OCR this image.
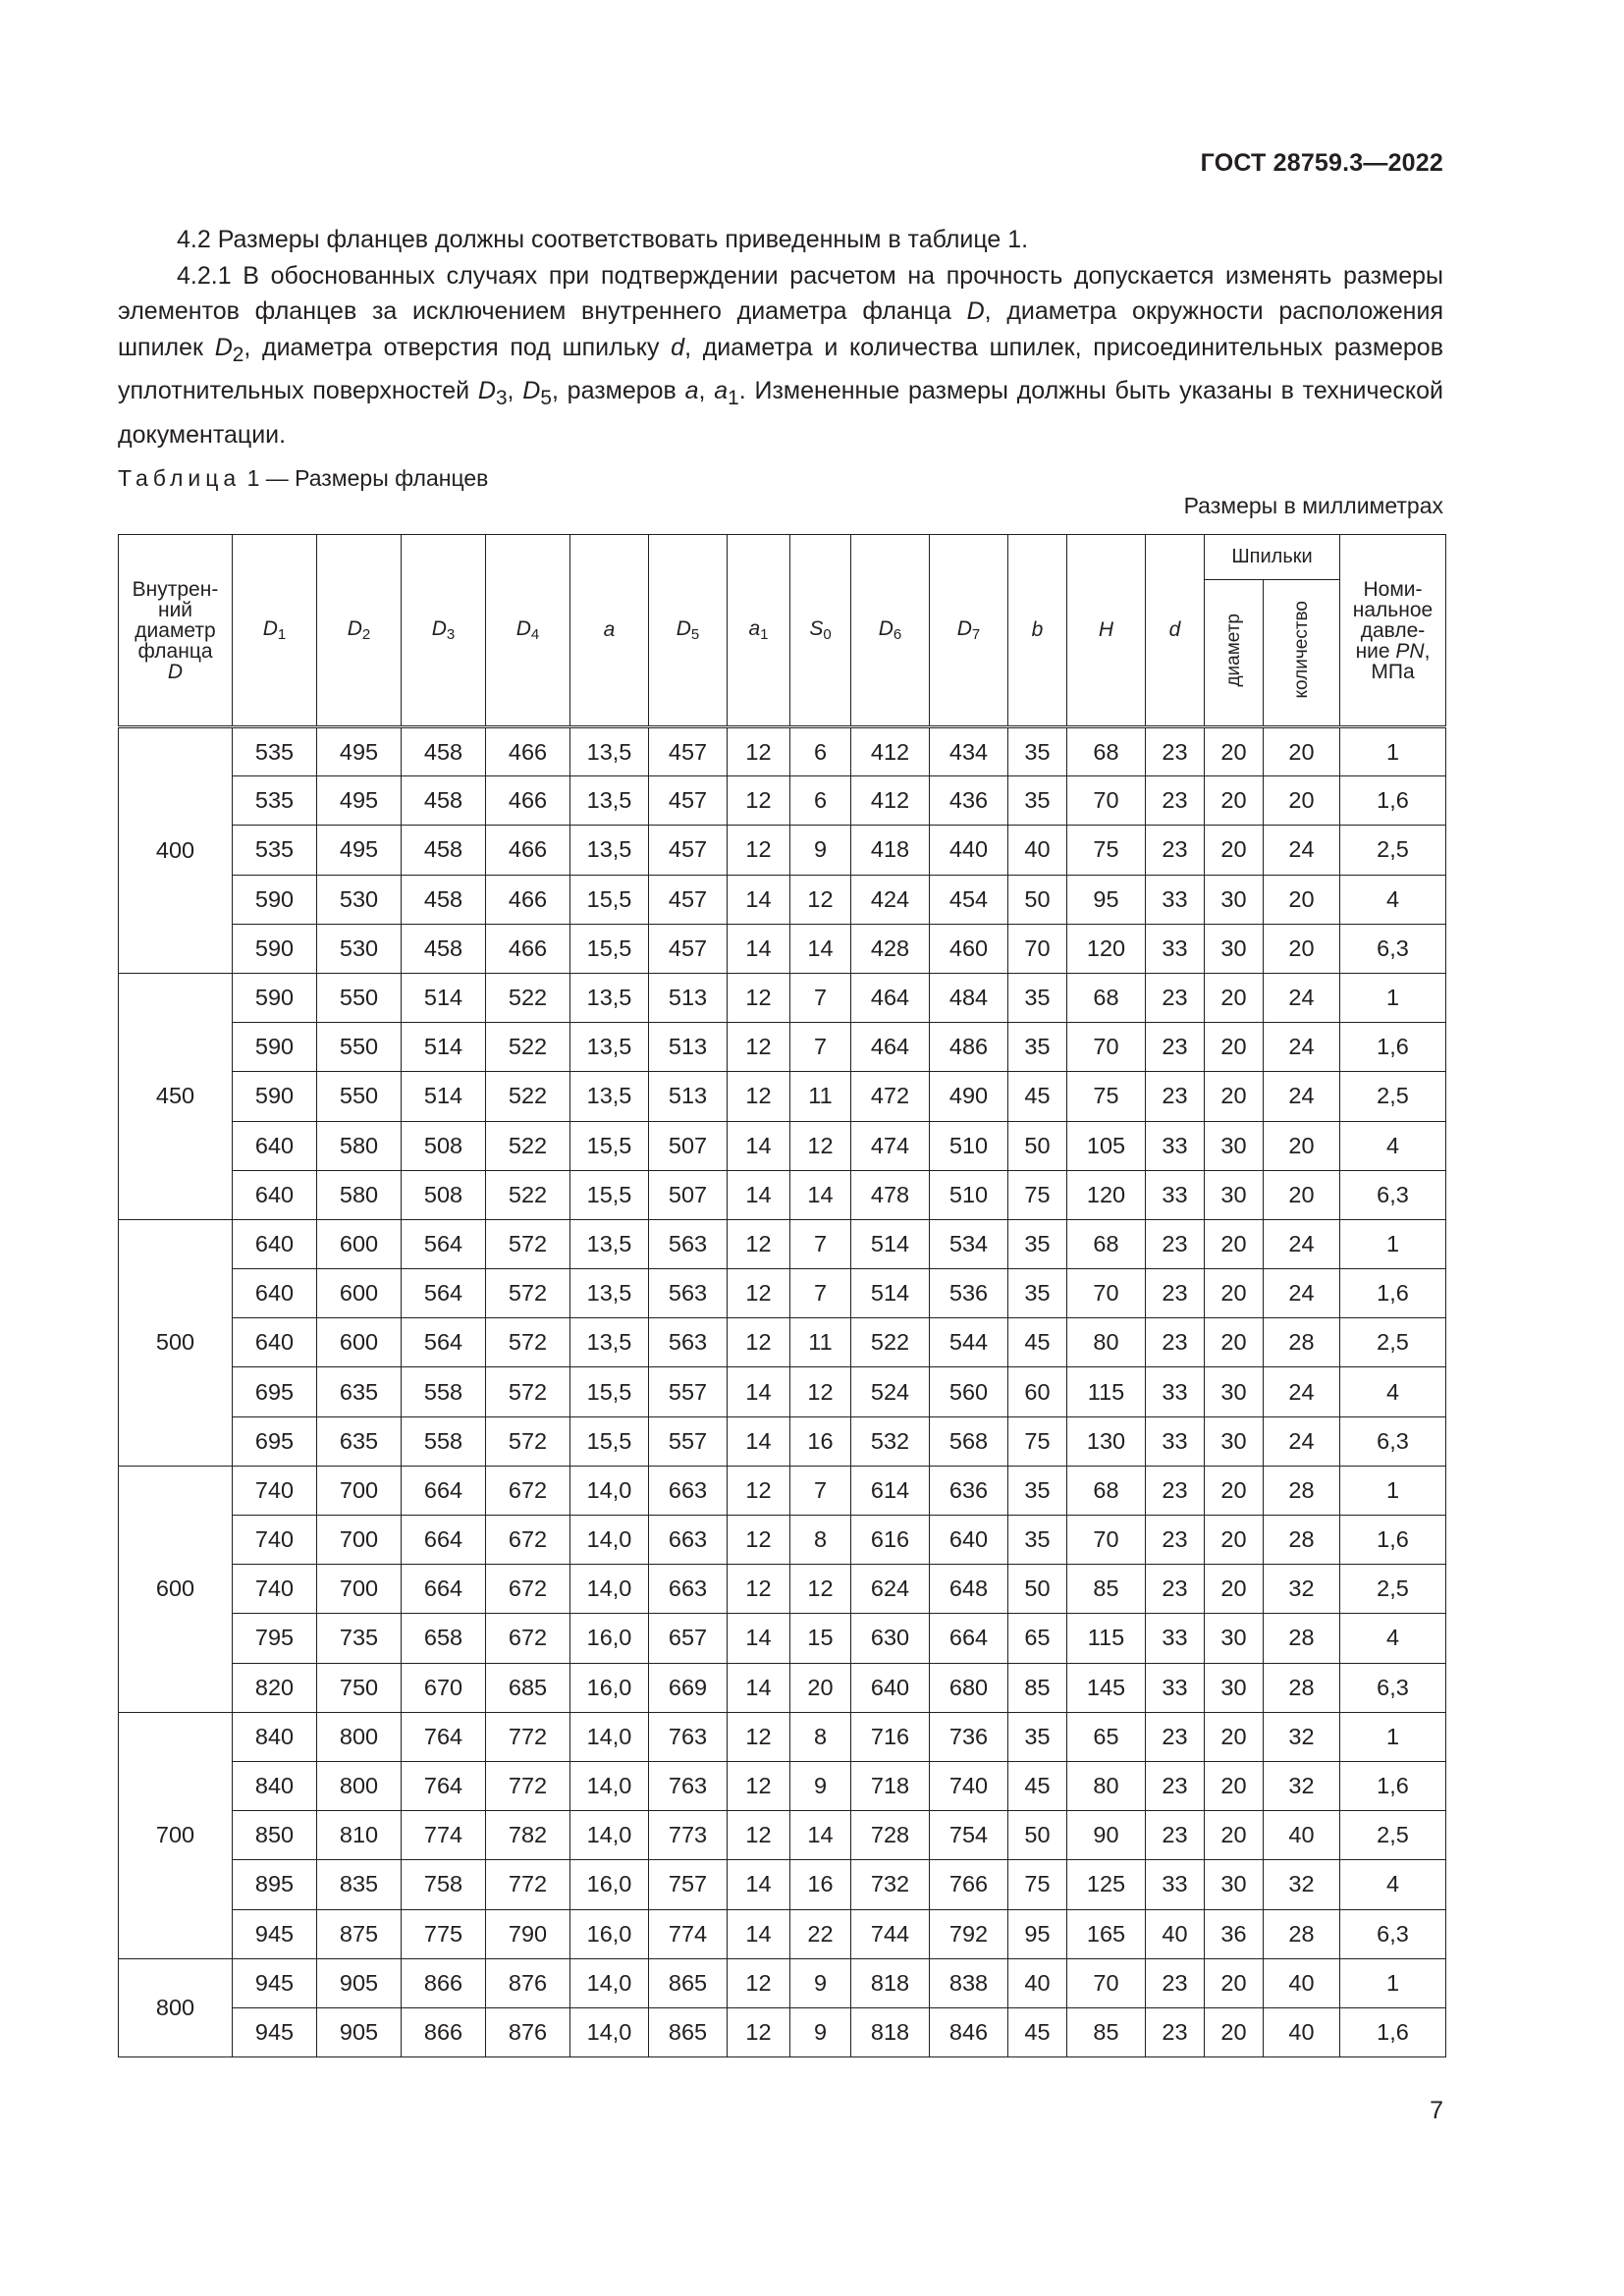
ГОСТ 28759.3—2022

4.2 Размеры фланцев должны соответствовать приведенным в таблице 1.

4.2.1 В обоснованных случаях при подтверждении расчетом на прочность допускается изменять размеры элементов фланцев за исключением внутреннего диаметра фланца D, диаметра окружности расположения шпилек $D_2$, диаметра отверстия под шпильку d, диаметра и количества шпилек, присоединительных размеров уплотнительных поверхностей $D_3$, $D_5$, размеров a, $a_1$. Измененные размеры должны быть указаны в технической документации.

Таблица 1 — Размеры фланцев
Размеры в миллиметрах
Внутрен-
ний
диаметр
фланца
D	$D_1$	$D_2$	$D_3$	$D_4$	a	$D_5$	$a_1$	$S_0$	$D_6$	$D_7$	b	H	d	Шпильки		Номи-
нальное
давле-
ние PN,
МПа
														диаметр	количество	
400	535	495	458	466	13,5	457	12	6	412	434	35	68	23	20	20	1
	535	495	458	466	13,5	457	12	6	412	436	35	70	23	20	20	1,6
	535	495	458	466	13,5	457	12	9	418	440	40	75	23	20	24	2,5
	590	530	458	466	15,5	457	14	12	424	454	50	95	33	30	20	4
	590	530	458	466	15,5	457	14	14	428	460	70	120	33	30	20	6,3
450	590	550	514	522	13,5	513	12	7	464	484	35	68	23	20	24	1
	590	550	514	522	13,5	513	12	7	464	486	35	70	23	20	24	1,6
	590	550	514	522	13,5	513	12	11	472	490	45	75	23	20	24	2,5
	640	580	508	522	15,5	507	14	12	474	510	50	105	33	30	20	4
	640	580	508	522	15,5	507	14	14	478	510	75	120	33	30	20	6,3
500	640	600	564	572	13,5	563	12	7	514	534	35	68	23	20	24	1
	640	600	564	572	13,5	563	12	7	514	536	35	70	23	20	24	1,6
	640	600	564	572	13,5	563	12	11	522	544	45	80	23	20	28	2,5
	695	635	558	572	15,5	557	14	12	524	560	60	115	33	30	24	4
	695	635	558	572	15,5	557	14	16	532	568	75	130	33	30	24	6,3
600	740	700	664	672	14,0	663	12	7	614	636	35	68	23	20	28	1
	740	700	664	672	14,0	663	12	8	616	640	35	70	23	20	28	1,6
	740	700	664	672	14,0	663	12	12	624	648	50	85	23	20	32	2,5
	795	735	658	672	16,0	657	14	15	630	664	65	115	33	30	28	4
	820	750	670	685	16,0	669	14	20	640	680	85	145	33	30	28	6,3
700	840	800	764	772	14,0	763	12	8	716	736	35	65	23	20	32	1
	840	800	764	772	14,0	763	12	9	718	740	45	80	23	20	32	1,6
	850	810	774	782	14,0	773	12	14	728	754	50	90	23	20	40	2,5
	895	835	758	772	16,0	757	14	16	732	766	75	125	33	30	32	4
	945	875	775	790	16,0	774	14	22	744	792	95	165	40	36	28	6,3
800	945	905	866	876	14,0	865	12	9	818	838	40	70	23	20	40	1
	945	905	866	876	14,0	865	12	9	818	846	45	85	23	20	40	1,6
7
